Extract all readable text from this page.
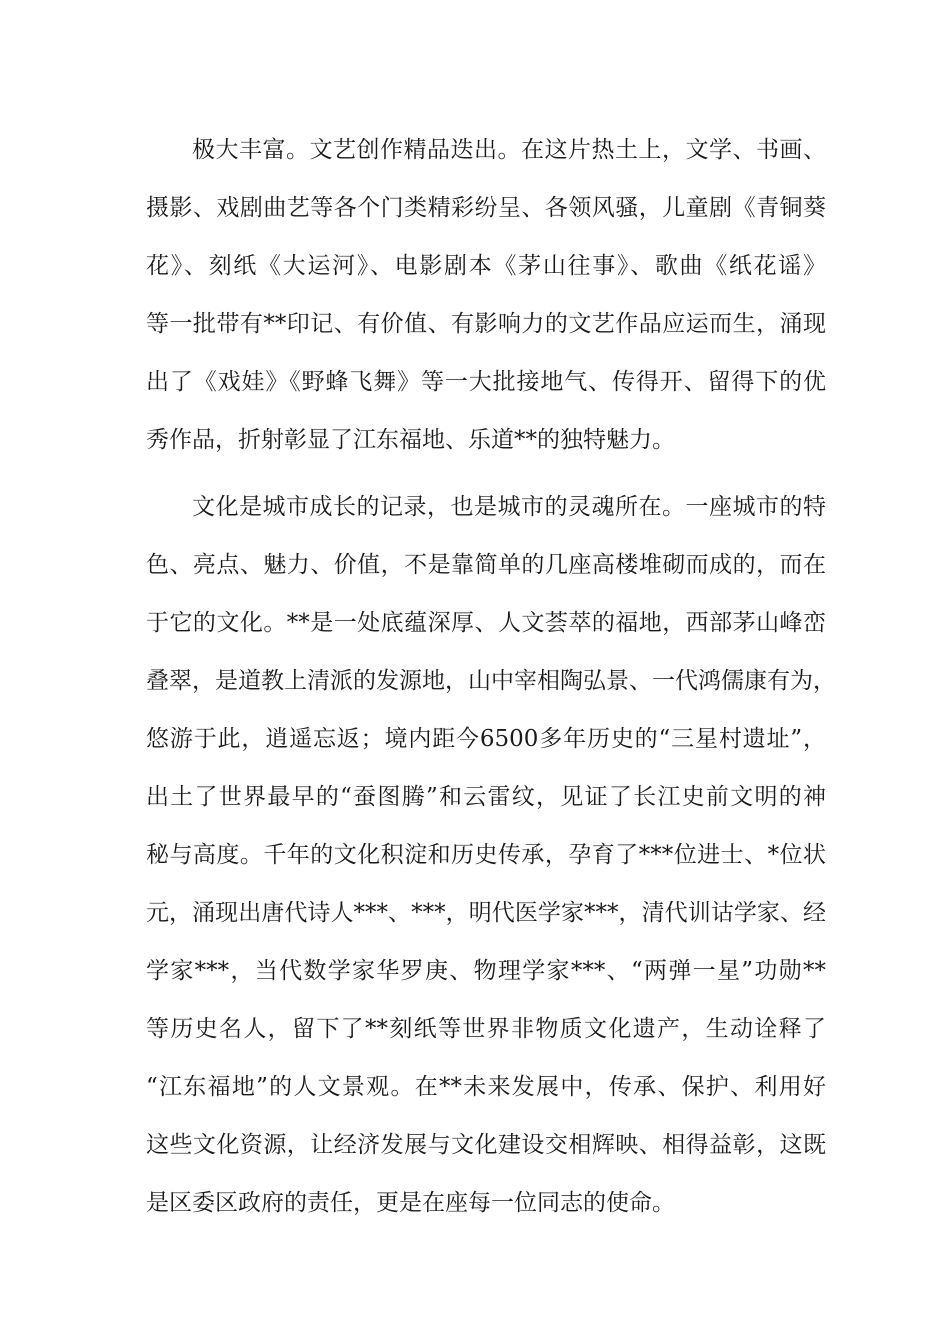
极大丰富。文艺创作精品迭出。在这片热土上，文学、书画、
摄影、戏剧曲艺等各个门类精彩纷呈、各领风骚，儿童剧《青铜葵
花》、刻纸《大运河》、电影剧本《茅山往事》、歌曲《纸花谣》
等一批带有**印记、有价值、有影响力的文艺作品应运而生，涌现
出了《戏娃》《野蜂飞舞》等一大批接地气、传得开、留得下的优
秀作品，折射彰显了江东福地、乐道**的独特魅力。
文化是城市成长的记录，也是城市的灵魂所在。一座城市的特
色、亮点、魅力、价值，不是靠简单的几座高楼堆砌而成的，而在
于它的文化。**是一处底蕴深厚、人文荟萃的福地，西部茅山峰峦
叠翠，是道教上清派的发源地，山中宰相陶弘景、一代鸿儒康有为，
悠游于此，逍遥忘返；境内距今6500多年历史的“三星村遗址”，
出土了世界最早的“蚕图腾”和云雷纹，见证了长江史前文明的神
秘与高度。千年的文化积淀和历史传承，孕育了***位进士、*位状
元，涌现出唐代诗人***、***，明代医学家***，清代训诂学家、经
学家***，当代数学家华罗庚、物理学家***、“两弹一星”功勋**
等历史名人，留下了**刻纸等世界非物质文化遗产，生动诠释了
“江东福地”的人文景观。在**未来发展中，传承、保护、利用好
这些文化资源，让经济发展与文化建设交相辉映、相得益彰，这既
是区委区政府的责任，更是在座每一位同志的使命。
